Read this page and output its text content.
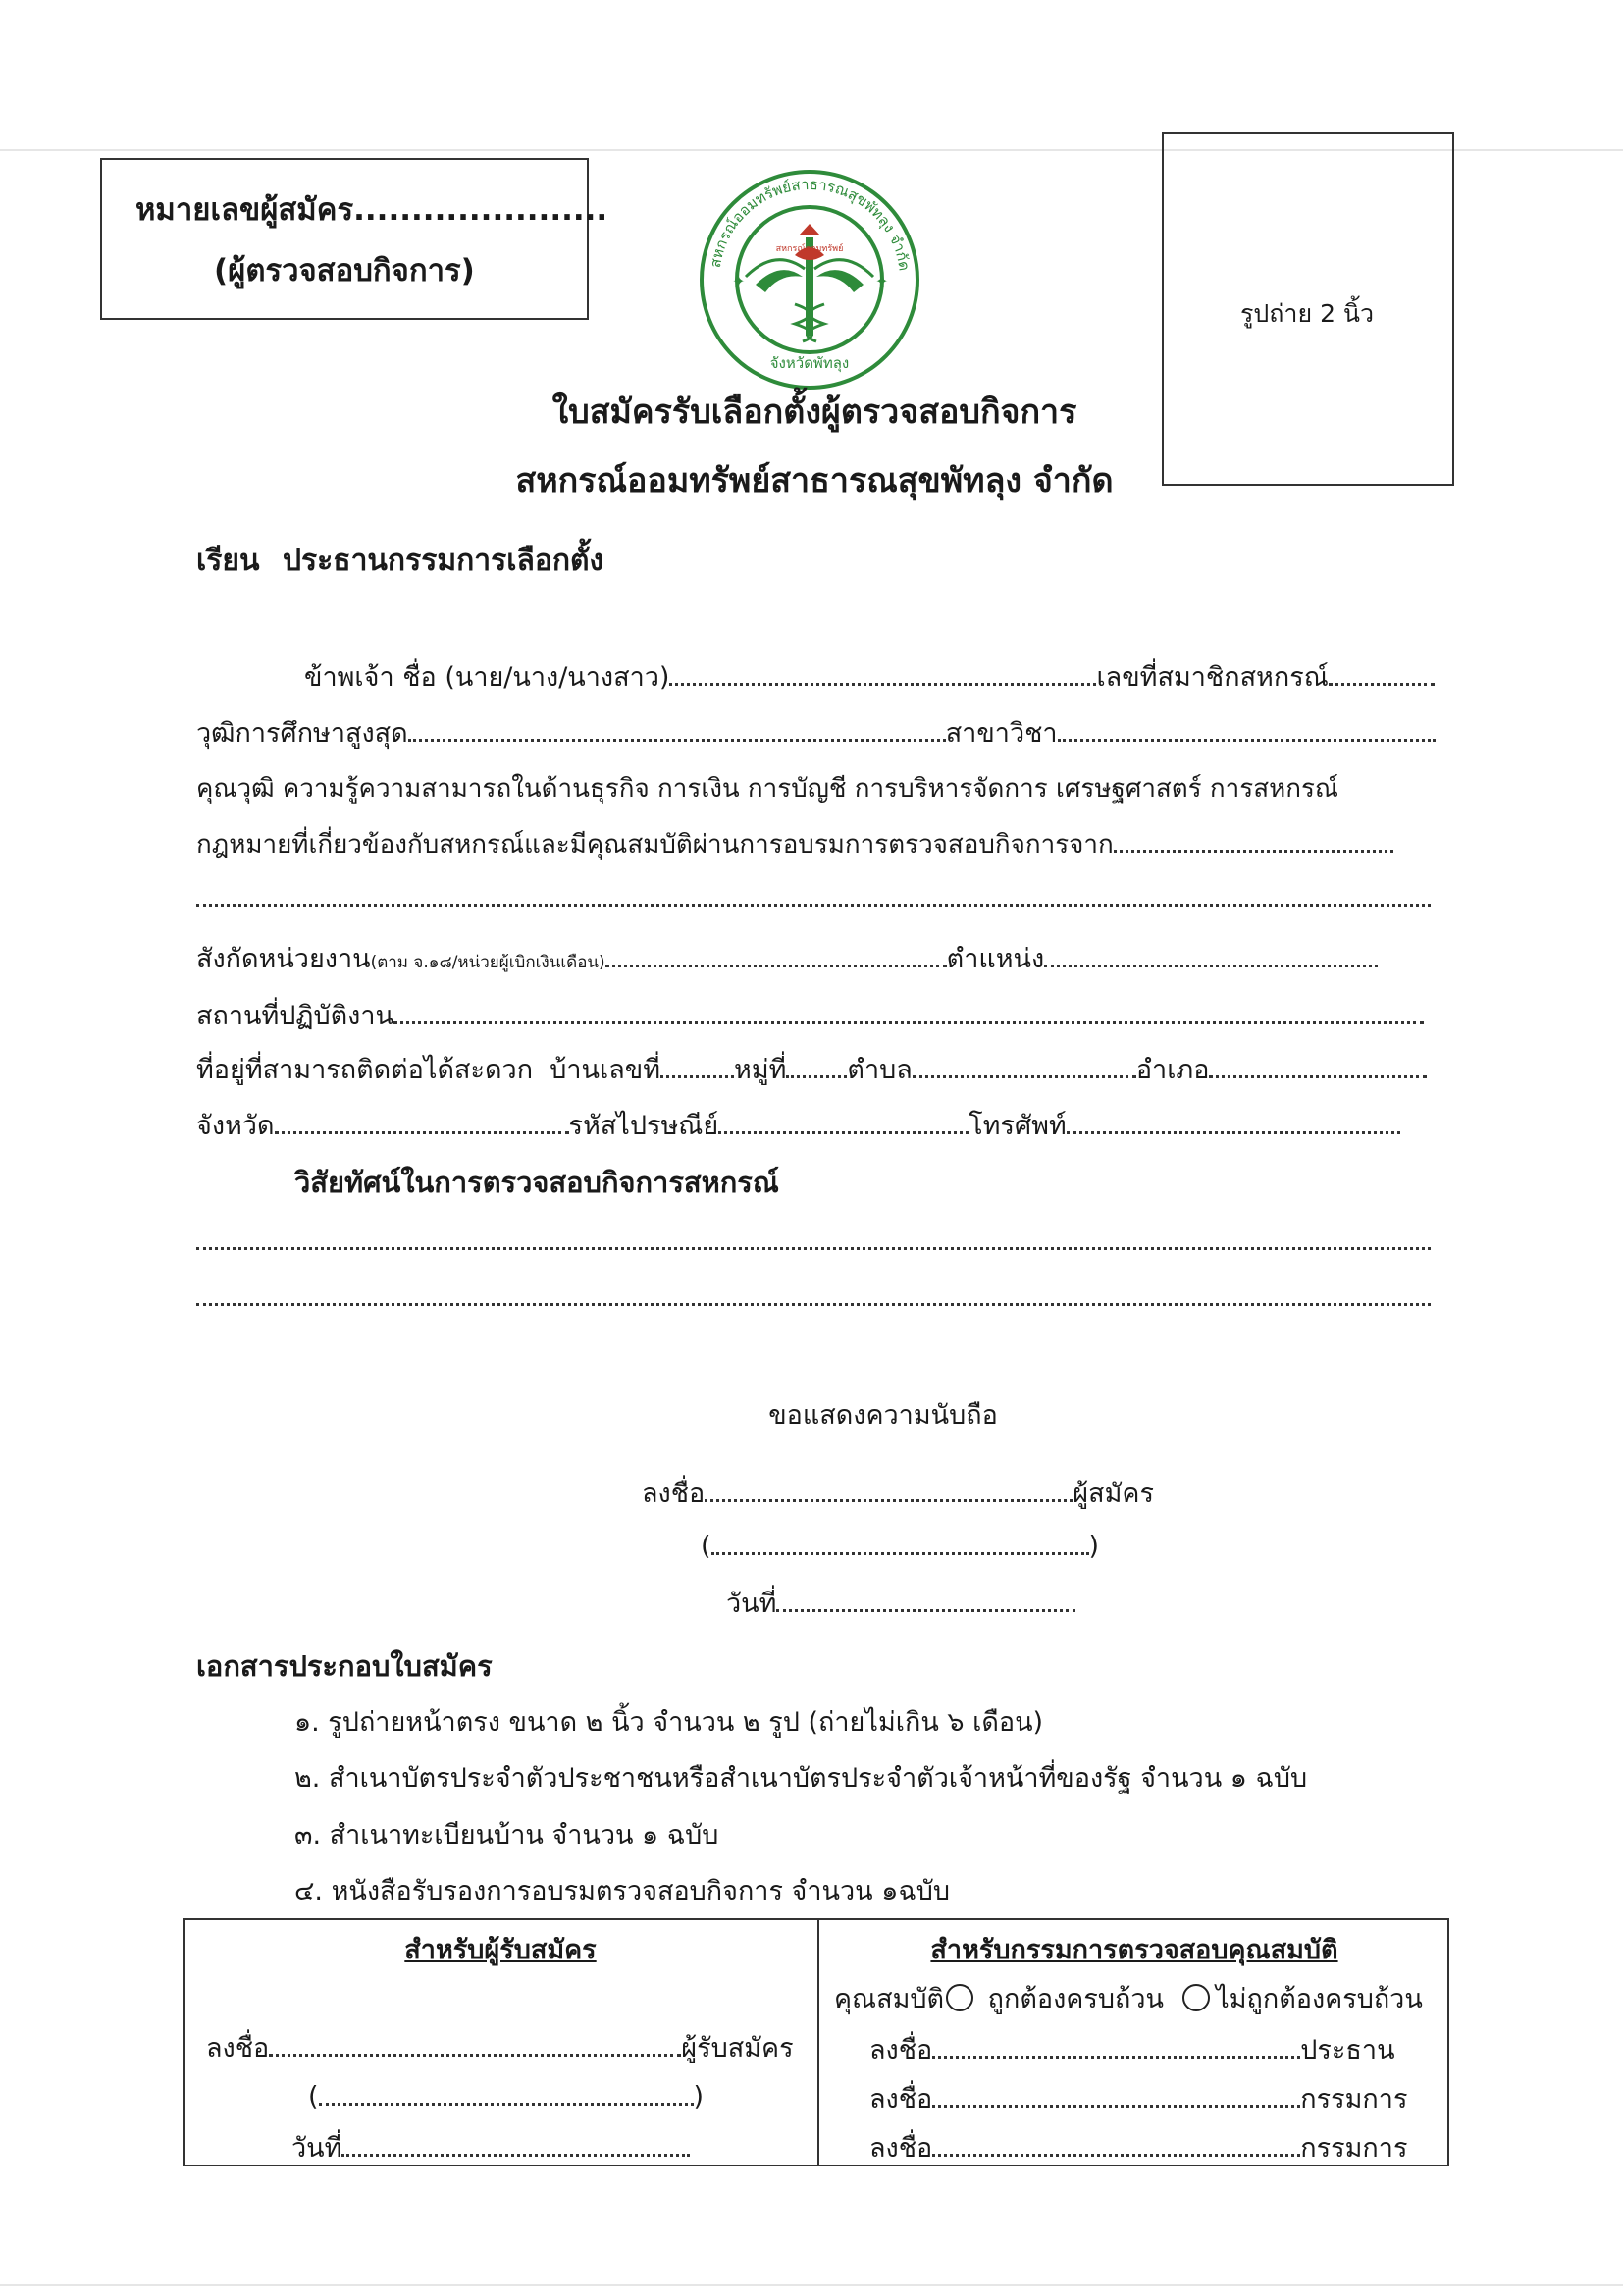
หมายเลขผู้สมัคร......................
(ผู้ตรวจสอบกิจการ)	สหกรณ์ออมทรัพย์สาธารณสุขพัทลุง จำกัด
จังหวัดพัทลุง
สหกรณ์ออมทรัพย์
✦	✦
รูปถ่าย 2 นิ้ว
ใบสมัครรับเลือกตั้งผู้ตรวจสอบกิจการ
สหกรณ์ออมทรัพย์สาธารณสุขพัทลุง จำกัด
เรียน ประธานกรรมการเลือกตั้ง
ข้าพเจ้า ชื่อ (นาย/นาง/นางสาว)	เลขที่สมาชิกสหกรณ์
วุฒิการศึกษาสูงสุด	สาขาวิชา
คุณวุฒิ ความรู้ความสามารถในด้านธุรกิจ การเงิน การบัญชี การบริหารจัดการ เศรษฐศาสตร์ การสหกรณ์
กฎหมายที่เกี่ยวข้องกับสหกรณ์และมีคุณสมบัติผ่านการอบรมการตรวจสอบกิจการจาก
สังกัดหน่วยงาน(ตาม จ.๑๘/หน่วยผู้เบิกเงินเดือน)	ตำแหน่ง
สถานที่ปฏิบัติงาน
ที่อยู่ที่สามารถติดต่อได้สะดวก บ้านเลขที่	หมู่ที่ ตำบล	อำเภอ
จังหวัด	รหัสไปรษณีย์	โทรศัพท์
วิสัยทัศน์ในการตรวจสอบกิจการสหกรณ์
ขอแสดงความนับถือ
ลงชื่อ	ผู้สมัคร
(	)
วันที่
เอกสารประกอบใบสมัคร
๑. รูปถ่ายหน้าตรง ขนาด ๒ นิ้ว จำนวน ๒ รูป (ถ่ายไม่เกิน ๖ เดือน)
๒. สำเนาบัตรประจำตัวประชาชนหรือสำเนาบัตรประจำตัวเจ้าหน้าที่ของรัฐ จำนวน ๑ ฉบับ
๓. สำเนาทะเบียนบ้าน จำนวน ๑ ฉบับ
๔. หนังสือรับรองการอบรมตรวจสอบกิจการ จำนวน ๑ฉบับ
สำหรับผู้รับสมัคร
ลงชื่อ	ผู้รับสมัคร
(	)
วันที่
สำหรับกรรมการตรวจสอบคุณสมบัติ
คุณสมบัติ ถูกต้องครบถ้วน ไม่ถูกต้องครบถ้วน
ลงชื่อ	ประธาน
ลงชื่อ	กรรมการ
ลงชื่อ	กรรมการ
